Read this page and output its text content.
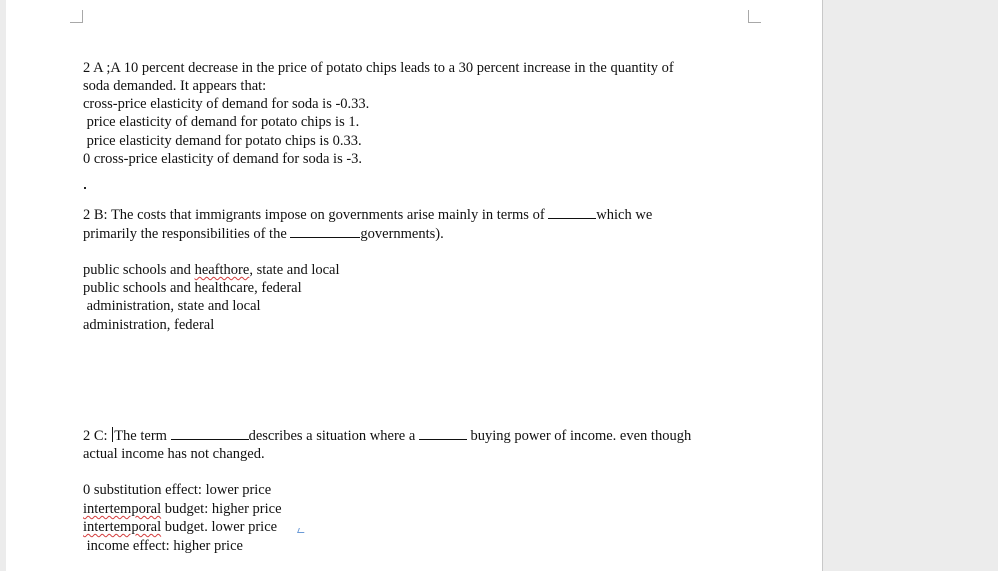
2 A ;A 10 percent decrease in the price of potato chips leads to a 30 percent increase in the quantity of
soda demanded. It appears that:
cross-price elasticity of demand for soda is -0.33.
price elasticity of demand for potato chips is 1.
price elasticity demand for potato chips is 0.33.
0 cross-price elasticity of demand for soda is -3.
2 B: The costs that immigrants impose on governments arise mainly in terms of	which we
primarily the responsibilities of the	governments).
public schools and heafthore, state and local
public schools and healthcare, federal
administration, state and local
administration, federal
2 C: The term	describes a situation where a	buying power of income. even though
actual income has not changed.
0 substitution effect: lower price
intertemporal budget: higher price
intertemporal budget. lower price
income effect: higher price
